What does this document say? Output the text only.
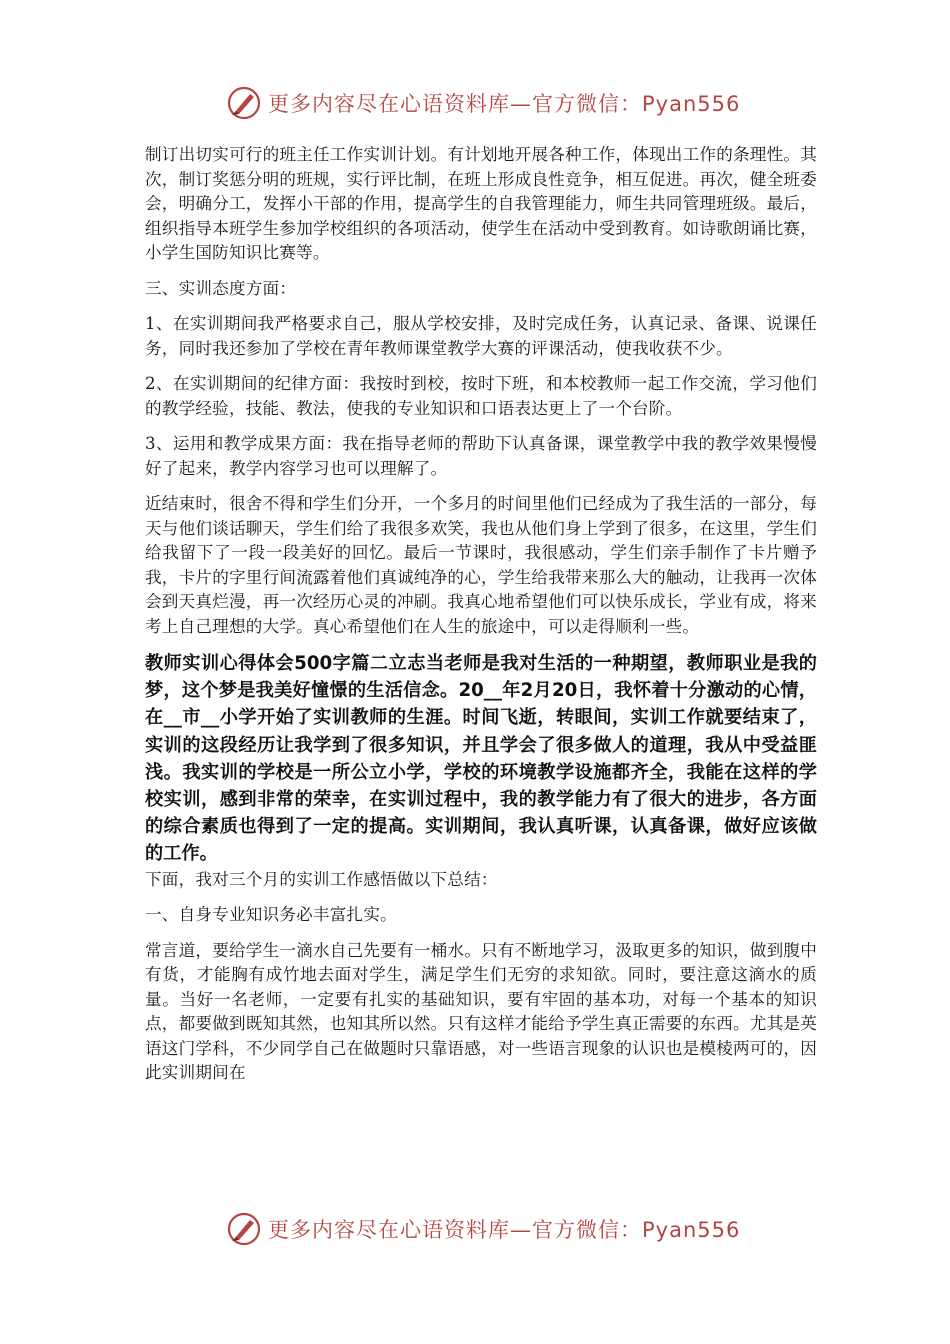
更多内容尽在心语资料库—官方微信：Pyan556

制订出切实可行的班主任工作实训计划。有计划地开展各种工作，体现出工作的条理性。其次，制订奖惩分明的班规，实行评比制，在班上形成良性竞争，相互促进。再次，健全班委会，明确分工，发挥小干部的作用，提高学生的自我管理能力，师生共同管理班级。最后，组织指导本班学生参加学校组织的各项活动，使学生在活动中受到教育。如诗歌朗诵比赛，小学生国防知识比赛等。

三、实训态度方面：

1、在实训期间我严格要求自己，服从学校安排，及时完成任务，认真记录、备课、说课任务，同时我还参加了学校在青年教师课堂教学大赛的评课活动，使我收获不少。

2、在实训期间的纪律方面：我按时到校，按时下班，和本校教师一起工作交流，学习他们的教学经验，技能、教法，使我的专业知识和口语表达更上了一个台阶。

3、运用和教学成果方面：我在指导老师的帮助下认真备课，课堂教学中我的教学效果慢慢好了起来，教学内容学习也可以理解了。

近结束时，很舍不得和学生们分开，一个多月的时间里他们已经成为了我生活的一部分，每天与他们谈话聊天，学生们给了我很多欢笑，我也从他们身上学到了很多，在这里，学生们给我留下了一段一段美好的回忆。最后一节课时，我很感动，学生们亲手制作了卡片赠予我，卡片的字里行间流露着他们真诚纯净的心，学生给我带来那么大的触动，让我再一次体会到天真烂漫，再一次经历心灵的冲刷。我真心地希望他们可以快乐成长，学业有成，将来考上自己理想的大学。真心希望他们在人生的旅途中，可以走得顺利一些。

教师实训心得体会500字篇二立志当老师是我对生活的一种期望，教师职业是我的梦，这个梦是我美好憧憬的生活信念。20__年2月20日，我怀着十分激动的心情，在__市__小学开始了实训教师的生涯。时间飞逝，转眼间，实训工作就要结束了，实训的这段经历让我学到了很多知识，并且学会了很多做人的道理，我从中受益匪浅。我实训的学校是一所公立小学，学校的环境教学设施都齐全，我能在这样的学校实训，感到非常的荣幸，在实训过程中，我的教学能力有了很大的进步，各方面的综合素质也得到了一定的提高。实训期间，我认真听课，认真备课，做好应该做的工作。

下面，我对三个月的实训工作感悟做以下总结：

一、自身专业知识务必丰富扎实。

常言道，要给学生一滴水自己先要有一桶水。只有不断地学习，汲取更多的知识，做到腹中有货，才能胸有成竹地去面对学生，满足学生们无穷的求知欲。同时，要注意这滴水的质量。当好一名老师，一定要有扎实的基础知识，要有牢固的基本功，对每一个基本的知识点，都要做到既知其然，也知其所以然。只有这样才能给予学生真正需要的东西。尤其是英语这门学科，不少同学自己在做题时只靠语感，对一些语言现象的认识也是模棱两可的，因此实训期间在

更多内容尽在心语资料库—官方微信：Pyan556
